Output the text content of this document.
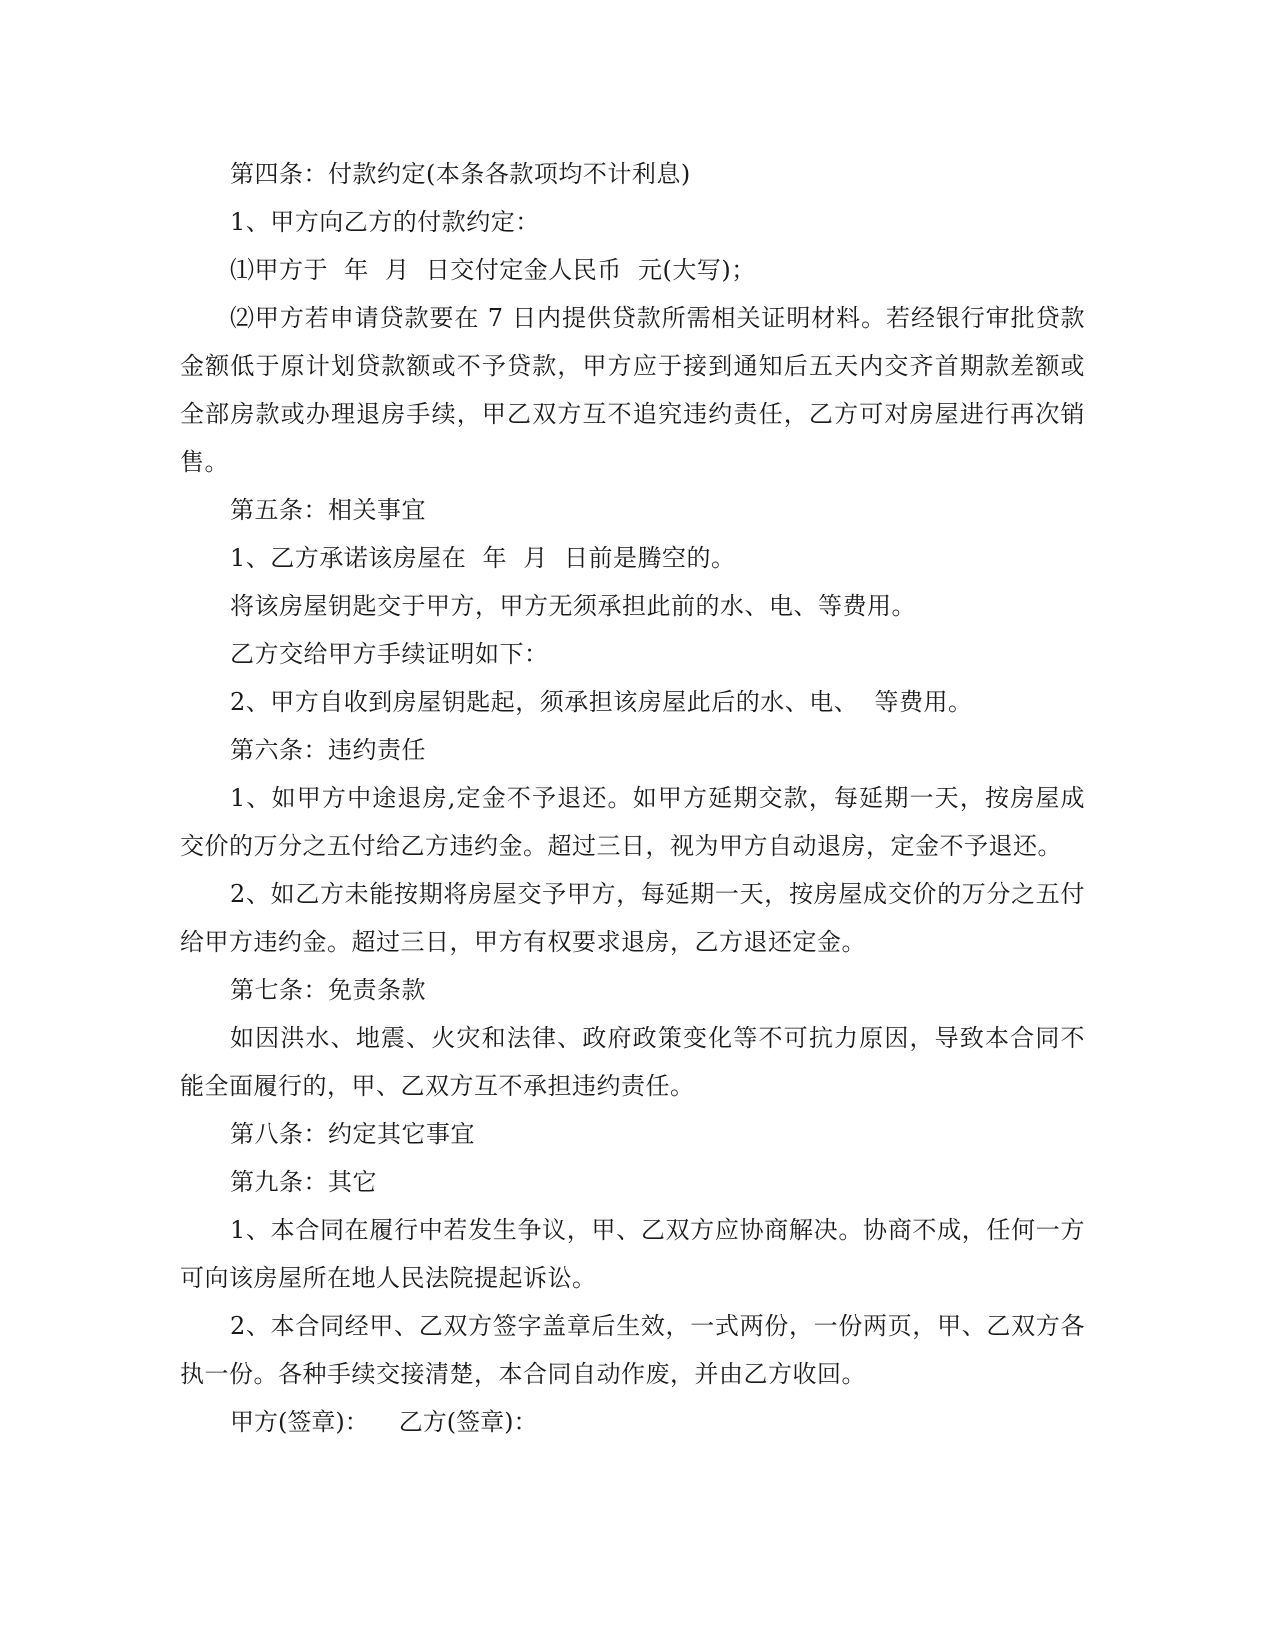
第四条：付款约定(本条各款项均不计利息)

1、甲方向乙方的付款约定：

⑴甲方于  年  月  日交付定金人民币  元(大写)；

⑵甲方若申请贷款要在 7 日内提供贷款所需相关证明材料。若经银行审批贷款金额低于原计划贷款额或不予贷款，甲方应于接到通知后五天内交齐首期款差额或全部房款或办理退房手续，甲乙双方互不追究违约责任，乙方可对房屋进行再次销售。

第五条：相关事宜

1、乙方承诺该房屋在  年  月  日前是腾空的。

将该房屋钥匙交于甲方，甲方无须承担此前的水、电、等费用。

乙方交给甲方手续证明如下：

2、甲方自收到房屋钥匙起，须承担该房屋此后的水、电、  等费用。

第六条：违约责任

1、如甲方中途退房,定金不予退还。如甲方延期交款，每延期一天，按房屋成交价的万分之五付给乙方违约金。超过三日，视为甲方自动退房，定金不予退还。

2、如乙方未能按期将房屋交予甲方，每延期一天，按房屋成交价的万分之五付给甲方违约金。超过三日，甲方有权要求退房，乙方退还定金。

第七条：免责条款

如因洪水、地震、火灾和法律、政府政策变化等不可抗力原因，导致本合同不能全面履行的，甲、乙双方互不承担违约责任。

第八条：约定其它事宜

第九条：其它

1、本合同在履行中若发生争议，甲、乙双方应协商解决。协商不成，任何一方可向该房屋所在地人民法院提起诉讼。

2、本合同经甲、乙双方签字盖章后生效，一式两份，一份两页，甲、乙双方各执一份。各种手续交接清楚，本合同自动作废，并由乙方收回。

甲方(签章)： 乙方(签章)：
